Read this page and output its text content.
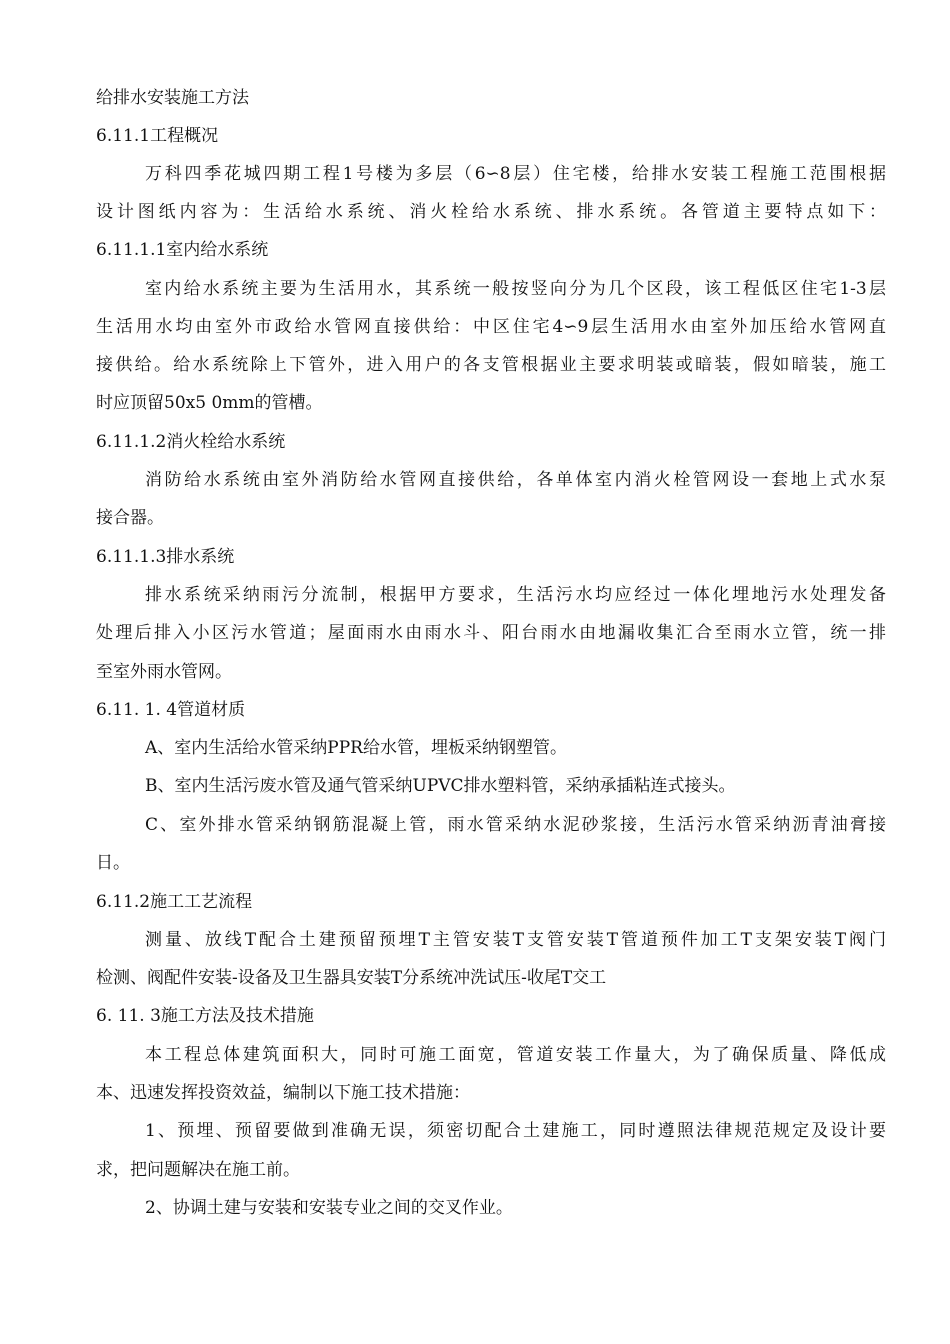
给排水安装施工方法
6.11.1工程概况
万科四季花城四期工程1号楼为多层（6∽8层）住宅楼，给排水安装工程施工范围根据
设计图纸内容为：生活给水系统、消火栓给水系统、排水系统。各管道主要特点如下：
6.11.1.1室内给水系统
室内给水系统主要为生活用水，其系统一般按竖向分为几个区段，该工程低区住宅1-3层
生活用水均由室外市政给水管网直接供给：中区住宅4∽9层生活用水由室外加压给水管网直
接供给。给水系统除上下管外，进入用户的各支管根据业主要求明装或暗装，假如暗装，施工
时应顶留50x5 0mm的管槽。
6.11.1.2消火栓给水系统
消防给水系统由室外消防给水管网直接供给，各单体室内消火栓管网设一套地上式水泵
接合器。
6.11.1.3排水系统
排水系统采纳雨污分流制，根据甲方要求，生活污水均应经过一体化埋地污水处理发备
处理后排入小区污水管道；屋面雨水由雨水斗、阳台雨水由地漏收集汇合至雨水立管，统一排
至室外雨水管网。
6.11. 1. 4管道材质
A、室内生活给水管采纳PPR给水管，埋板采纳钢塑管。
B、室内生活污废水管及通气管采纳UPVC排水塑料管，采纳承插粘连式接头。
C、室外排水管采纳钢筋混凝上管，雨水管采纳水泥砂浆接，生活污水管采纳沥青油膏接
日。
6.11.2施工工艺流程
测量、放线T配合土建预留预埋T主管安装T支管安装T管道预件加工T支架安装T阀门
检测、阀配件安装-设备及卫生器具安装T分系统冲洗试压-收尾T交工
6. 11. 3施工方法及技术措施
本工程总体建筑面积大，同时可施工面宽，管道安装工作量大，为了确保质量、降低成
本、迅速发挥投资效益，编制以下施工技术措施：
1、预埋、预留要做到准确无误，须密切配合土建施工，同时遵照法律规范规定及设计要
求，把问题解决在施工前。
2、协调土建与安装和安装专业之间的交叉作业。
